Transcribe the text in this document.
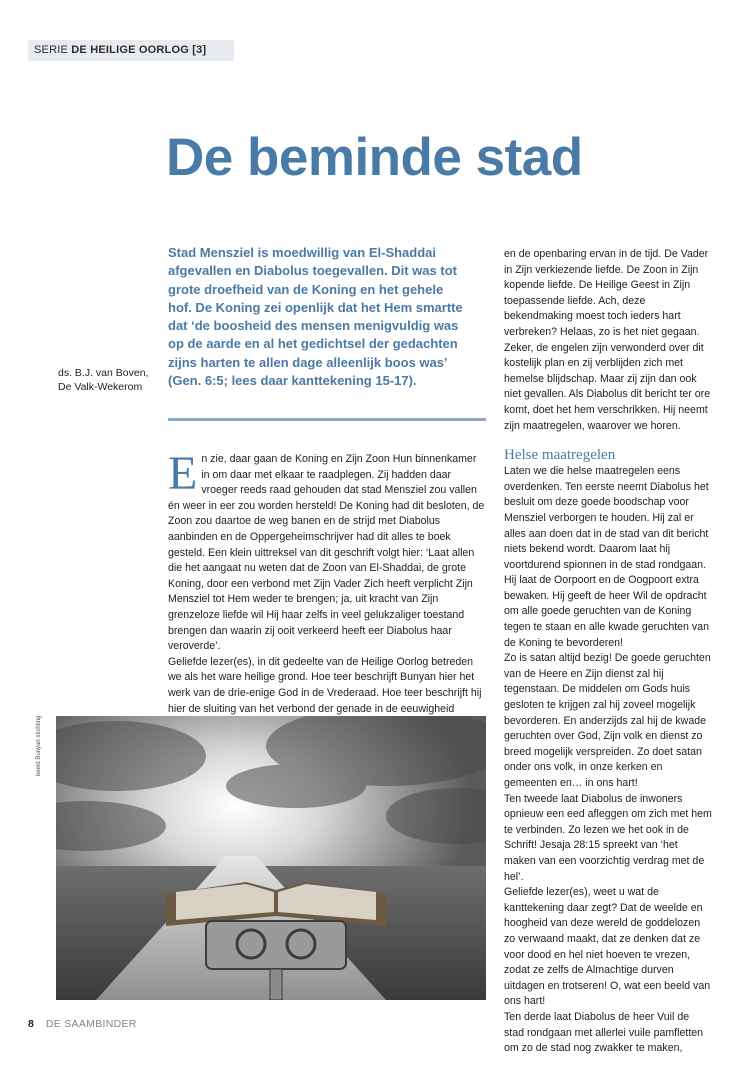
SERIE DE HEILIGE OORLOG [3]
De beminde stad
ds. B.J. van Boven,
De Valk-Wekerom

Stad Mensziel is moedwillig van El-Shaddai afgevallen en Diabolus toegevallen. Dit was tot grote droefheid van de Koning en het gehele hof. De Koning zei openlijk dat het Hem smartte dat ‘de boosheid des mensen menigvuldig was op de aarde en al het gedichtsel der gedachten zijns harten te allen dage alleenlijk boos was’ (Gen. 6:5; lees daar kanttekening 15-17).

En zie, daar gaan de Koning en Zijn Zoon Hun binnenkamer in om daar met elkaar te raadplegen. Zij hadden daar vroeger reeds raad gehouden dat stad Mensziel zou vallen én weer in eer zou worden hersteld! De Koning had dit besloten, de Zoon zou daartoe de weg banen en de strijd met Diabolus aanbinden en de Oppergeheimschrijver had dit alles te boek gesteld. Een klein uittreksel van dit geschrift volgt hier: ‘Laat allen die het aangaat nu weten dat de Zoon van El-Shaddai, de grote Koning, door een verbond met Zijn Vader Zich heeft verplicht Zijn Mensziel tot Hem weder te brengen; ja, uit kracht van Zijn grenzeloze liefde wil Hij haar zelfs in veel gelukzaliger toestand brengen dan waarin zij ooit verkeerd heeft eer Diabolus haar veroverde’.

Geliefde lezer(es), in dit gedeelte van de Heilige Oorlog betreden we als het ware heilige grond. Hoe teer beschrijft Bunyan hier het werk van de drie-enige God in de Vrederaad. Hoe teer beschrijft hij hier de sluiting van het verbond der genade in de eeuwigheid

beeld Bunyan stichting

en de openbaring ervan in de tijd. De Vader in Zijn verkiezende liefde. De Zoon in Zijn kopende liefde. De Heilige Geest in Zijn toepassende liefde. Ach, deze bekendmaking moest toch ieders hart verbreken? Helaas, zo is het niet gegaan. Zeker, de engelen zijn verwonderd over dit kostelijk plan en zij verblijden zich met hemelse blijdschap. Maar zij zijn dan ook niet gevallen. Als Diabolus dit bericht ter ore komt, doet het hem verschrikken. Hij neemt zijn maatregelen, waarover we horen.

Helse maatregelen

Laten we die helse maatregelen eens overdenken. Ten eerste neemt Diabolus het besluit om deze goede boodschap voor Mensziel verborgen te houden. Hij zal er alles aan doen dat in de stad van dit bericht niets bekend wordt. Daarom laat hij voortdurend spionnen in de stad rondgaan. Hij laat de Oorpoort en de Oogpoort extra bewaken. Hij geeft de heer Wil de opdracht om alle goede geruchten van de Koning tegen te staan en alle kwade geruchten van de Koning te bevorderen!

Zo is satan altijd bezig! De goede geruchten van de Heere en Zijn dienst zal hij tegenstaan. De middelen om Gods huis gesloten te krijgen zal hij zoveel mogelijk bevorderen. En anderzijds zal hij de kwade geruchten over God, Zijn volk en dienst zo breed mogelijk verspreiden. Zo doet satan onder ons volk, in onze kerken en gemeenten en… in ons hart!

Ten tweede laat Diabolus de inwoners opnieuw een eed afleggen om zich met hem te verbinden. Zo lezen we het ook in de Schrift! Jesaja 28:15 spreekt van ‘het maken van een voorzichtig verdrag met de hel’.

Geliefde lezer(es), weet u wat de kanttekening daar zegt? Dat de weelde en hoogheid van deze wereld de goddelozen zo verwaand maakt, dat ze denken dat ze voor dood en hel niet hoeven te vrezen, zodat ze zelfs de Almachtige durven uitdagen en trotseren! O, wat een beeld van ons hart!

Ten derde laat Diabolus de heer Vuil de stad rondgaan met allerlei vuile pamfletten om zo de stad nog zwakker te maken,

8 DE SAAMBINDER
